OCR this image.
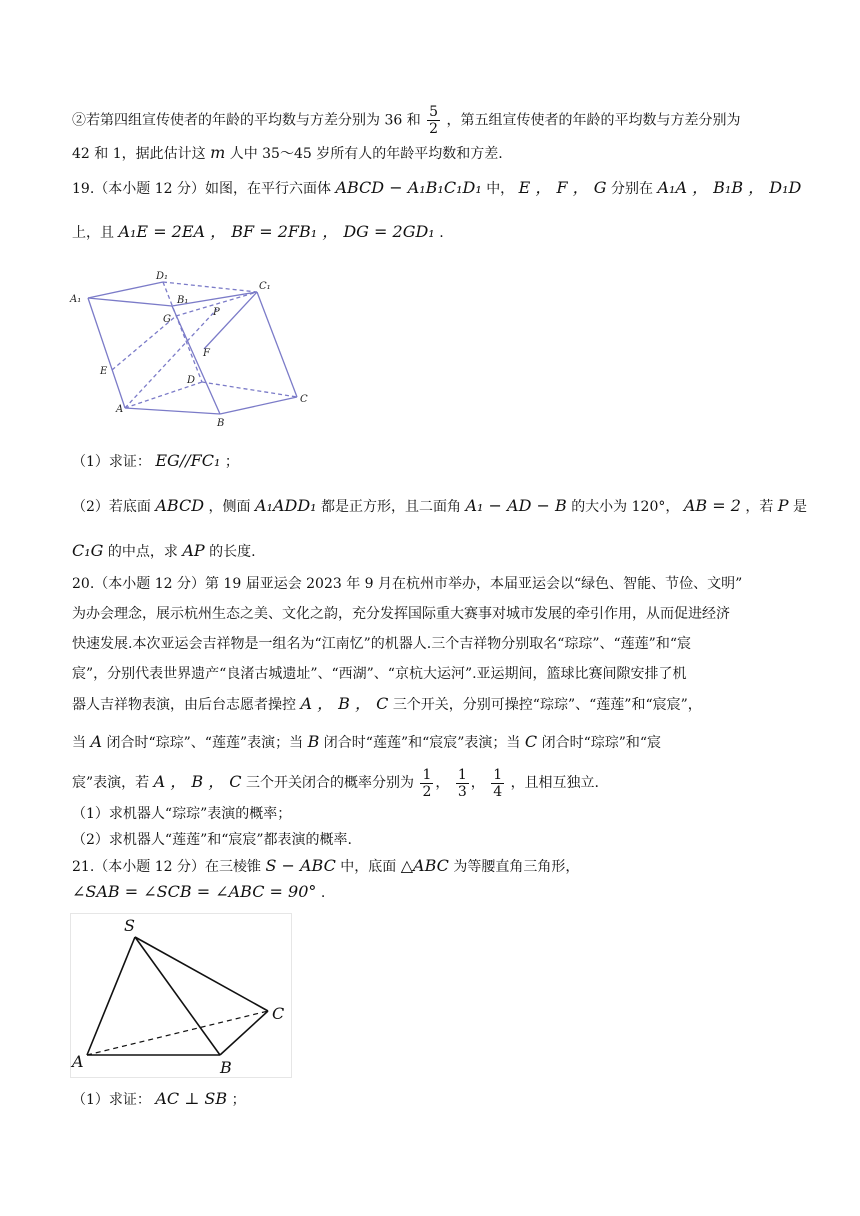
②若第四组宣传使者的年龄的平均数与方差分别为 36 和 $\frac{5}{2}$ ，第五组宣传使者的年龄的平均数与方差分别为
42 和 1，据此估计这 m 人中 35～45 岁所有人的年龄平均数和方差.
19.（本小题 12 分）如图，在平行六面体 ABCD − A₁B₁C₁D₁ 中， E ， F ， G 分别在 A₁A ， B₁B ， D₁D
上，且 A₁E = 2EA ， BF = 2FB₁ ， DG = 2GD₁ .
A₁
D₁
B₁
C₁
G
P
F
E
D
A
B
C
（1）求证： EG//FC₁ ；
（2）若底面 ABCD ，侧面 A₁ADD₁ 都是正方形，且二面角 A₁ − AD − B 的大小为 120°， AB = 2 ，若 P 是
C₁G 的中点，求 AP 的长度.
20.（本小题 12 分）第 19 届亚运会 2023 年 9 月在杭州市举办，本届亚运会以“绿色、智能、节俭、文明”
为办会理念，展示杭州生态之美、文化之韵，充分发挥国际重大赛事对城市发展的牵引作用，从而促进经济
快速发展.本次亚运会吉祥物是一组名为“江南忆”的机器人.三个吉祥物分别取名“琮琮”、“莲莲”和“宸
宸”，分别代表世界遗产“良渚古城遗址”、“西湖”、“京杭大运河”.亚运期间，篮球比赛间隙安排了机
器人吉祥物表演，由后台志愿者操控 A ， B ， C 三个开关，分别可操控“琮琮”、“莲莲”和“宸宸”，
当 A 闭合时“琮琮”、“莲莲”表演；当 B 闭合时“莲莲”和“宸宸”表演；当 C 闭合时“琮琮”和“宸
宸”表演，若 A ， B ， C 三个开关闭合的概率分别为 $\frac{1}{2}$ ， $\frac{1}{3}$ ， $\frac{1}{4}$ ，且相互独立.
（1）求机器人“琮琮”表演的概率；
（2）求机器人“莲莲”和“宸宸”都表演的概率.
21.（本小题 12 分）在三棱锥 S − ABC 中，底面 △ABC 为等腰直角三角形，
∠SAB = ∠SCB = ∠ABC = 90° .
S
A	B
C
（1）求证： AC ⊥ SB ；
